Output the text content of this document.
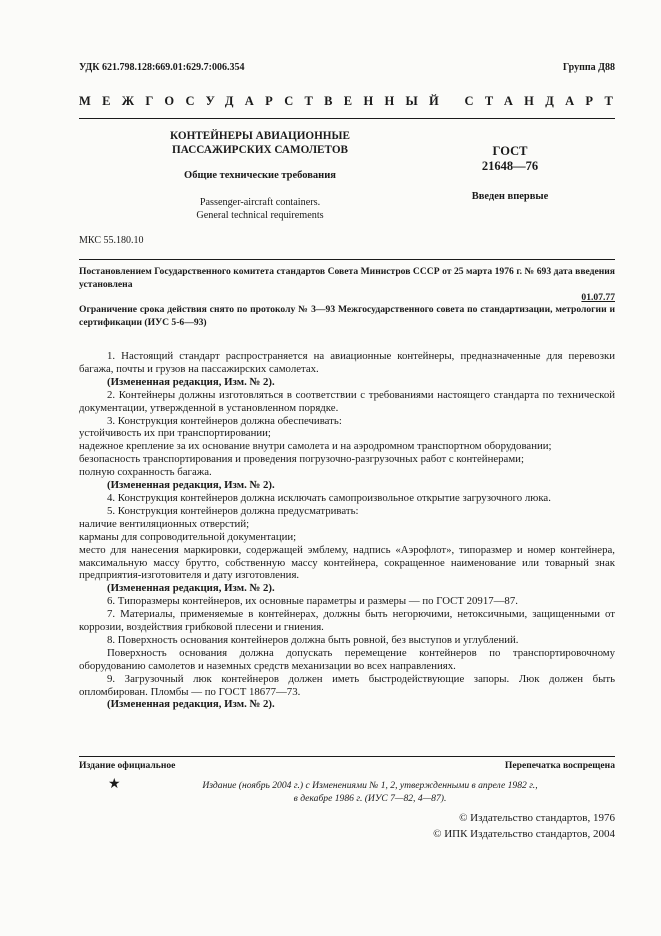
УДК 621.798.128:669.01:629.7:006.354	Группа Д88
МЕЖГОСУДАРСТВЕННЫЙ СТАНДАРТ
КОНТЕЙНЕРЫ АВИАЦИОННЫЕ
ПАССАЖИРСКИХ САМОЛЕТОВ
Общие технические требования
Passenger-aircraft containers.
General technical requirements
ГОСТ
21648—76
Введен впервые
МКС 55.180.10
Постановлением Государственного комитета стандартов Совета Министров СССР от 25 марта 1976 г. № 693 дата введения установлена
01.07.77
Ограничение срока действия снято по протоколу № 3—93 Межгосударственного совета по стандартизации, метрологии и сертификации (ИУС 5-6—93)

1. Настоящий стандарт распространяется на авиационные контейнеры, предназначенные для перевозки багажа, почты и грузов на пассажирских самолетах.

(Измененная редакция, Изм. № 2).

2. Контейнеры должны изготовляться в соответствии с требованиями настоящего стандарта по технической документации, утвержденной в установленном порядке.

3. Конструкция контейнеров должна обеспечивать:

устойчивость их при транспортировании;

надежное крепление за их основание внутри самолета и на аэродромном транспортном оборудовании;

безопасность транспортирования и проведения погрузочно-разгрузочных работ с контейнерами;

полную сохранность багажа.

(Измененная редакция, Изм. № 2).

4. Конструкция контейнеров должна исключать самопроизвольное открытие загрузочного люка.

5. Конструкция контейнеров должна предусматривать:

наличие вентиляционных отверстий;

карманы для сопроводительной документации;

место для нанесения маркировки, содержащей эмблему, надпись «Аэрофлот», типоразмер и номер контейнера, максимальную массу брутто, собственную массу контейнера, сокращенное наименование или товарный знак предприятия-изготовителя и дату изготовления.

(Измененная редакция, Изм. № 2).

6. Типоразмеры контейнеров, их основные параметры и размеры — по ГОСТ 20917—87.

7. Материалы, применяемые в контейнерах, должны быть негорючими, нетоксичными, защищенными от коррозии, воздействия грибковой плесени и гниения.

8. Поверхность основания контейнеров должна быть ровной, без выступов и углублений.

Поверхность основания должна допускать перемещение контейнеров по транспортировочному оборудованию самолетов и наземных средств механизации во всех направлениях.

9. Загрузочный люк контейнеров должен иметь быстродействующие запоры. Люк должен быть опломбирован. Пломбы — по ГОСТ 18677—73.

(Измененная редакция, Изм. № 2).

Издание официальное	Перепечатка воспрещена
★	Издание (ноябрь 2004 г.) с Изменениями № 1, 2, утвержденными в апреле 1982 г.,
в декабре 1986 г. (ИУС 7—82, 4—87).
© Издательство стандартов, 1976
© ИПК Издательство стандартов, 2004
